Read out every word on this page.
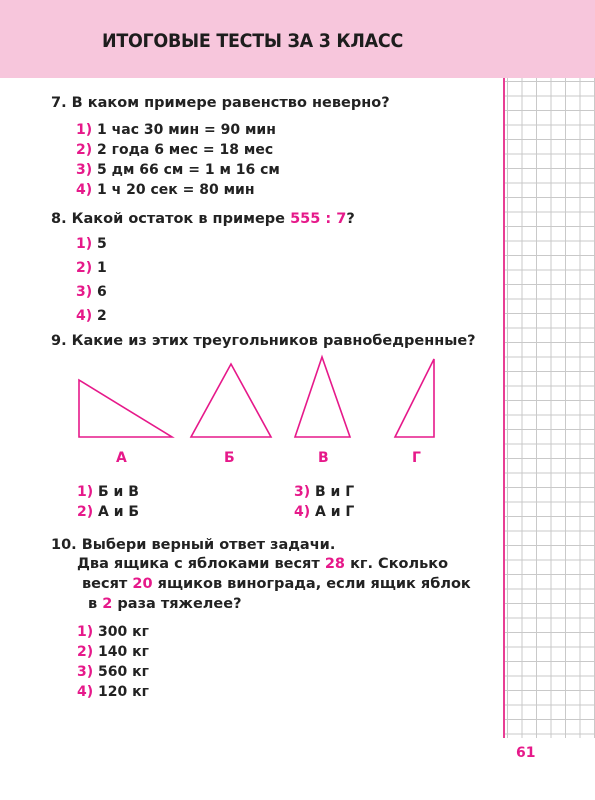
ИТОГОВЫЕ ТЕСТЫ ЗА 3 КЛАСС
7. В каком примере равенство неверно?
1) 1 час 30 мин = 90 мин
2) 2 года 6 мес = 18 мес
3) 5 дм 66 см = 1 м 16 см
4) 1 ч 20 сек = 80 мин
8. Какой остаток в примере 555 : 7?
1) 5
2) 1
3) 6
4) 2
9. Какие из этих треугольников равнобедренные?
А	Б	В	Г
1) Б и В
2) А и Б
3) В и Г
4) А и Г
10. Выбери верный ответ задачи.
Два ящика с яблоками весят 28 кг. Сколько
весят 20 ящиков винограда, если ящик яблок
в 2 раза тяжелее?
1) 300 кг
2) 140 кг
3) 560 кг
4) 120 кг
61
